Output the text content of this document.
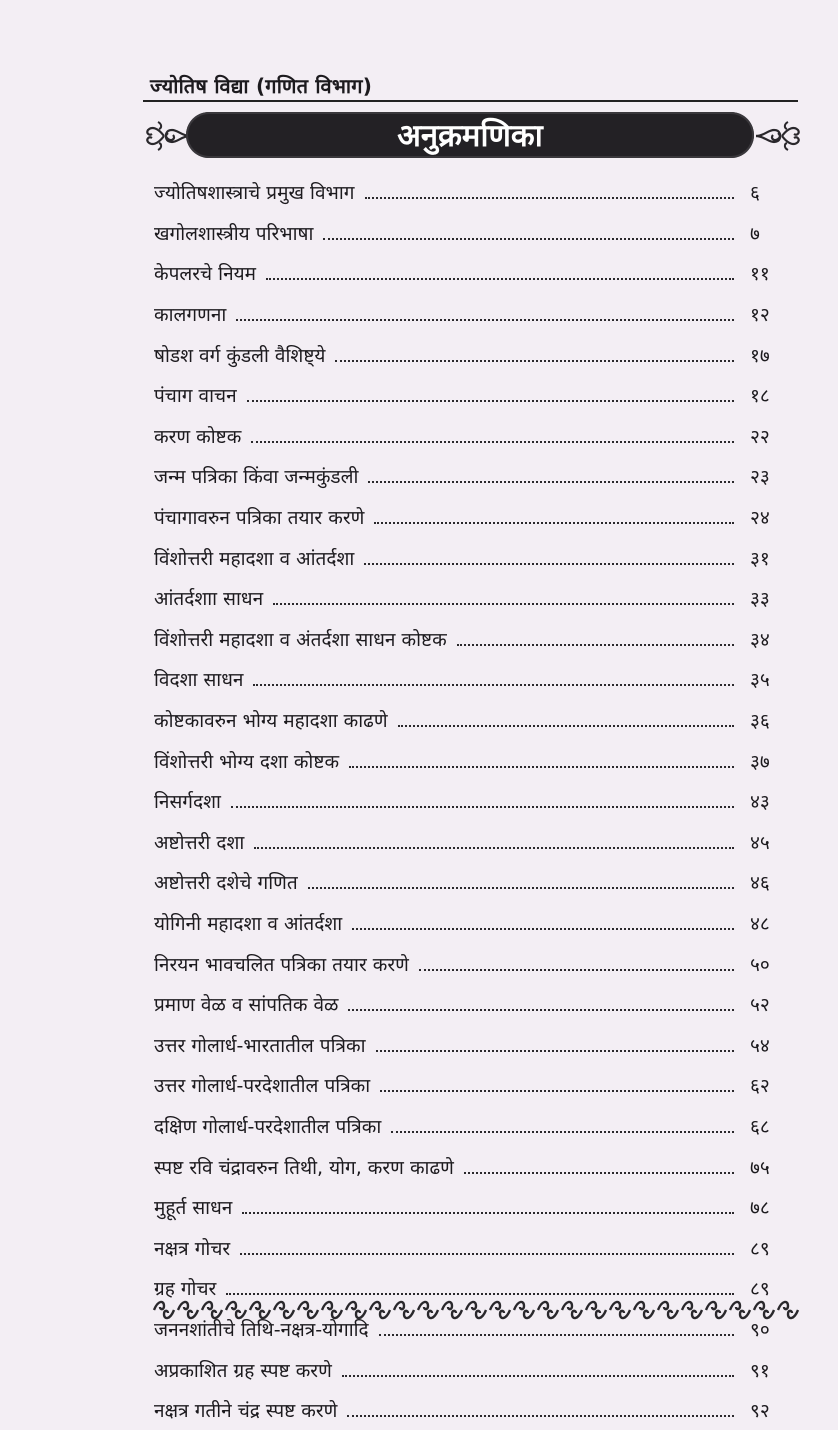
ज्योतिष विद्या (गणित विभाग)
अनुक्रमणिका
ज्योतिषशास्त्राचे प्रमुख विभाग	६
खगोलशास्त्रीय परिभाषा	७
केपलरचे नियम	११
कालगणना	१२
षोडश वर्ग कुंडली वैशिष्ट्ये	१७
पंचाग वाचन	१८
करण कोष्टक	२२
जन्म पत्रिका किंवा जन्मकुंडली	२३
पंचागावरुन पत्रिका तयार करणे	२४
विंशोत्तरी महादशा व आंतर्दशा	३१
आंतर्दशाा साधन	३३
विंशोत्तरी महादशा व अंतर्दशा साधन कोष्टक	३४
विदशा साधन	३५
कोष्टकावरुन भोग्य महादशा काढणे	३६
विंशोत्तरी भोग्य दशा कोष्टक	३७
निसर्गदशा	४३
अष्टोत्तरी दशा	४५
अष्टोत्तरी दशेचे गणित	४६
योगिनी महादशा व आंतर्दशा	४८
निरयन भावचलित पत्रिका तयार करणे	५०
प्रमाण वेळ व सांपतिक वेळ	५२
उत्तर गोलार्ध-भारतातील पत्रिका	५४
उत्तर गोलार्ध-परदेशातील पत्रिका	६२
दक्षिण गोलार्ध-परदेशातील पत्रिका	६८
स्पष्ट रवि चंद्रावरुन तिथी, योग, करण काढणे	७५
मुहूर्त साधन	७८
नक्षत्र गोचर	८९
ग्रह गोचर	८९
जननशांतीचे तिथि-नक्षत्र-योगादि	९०
अप्रकाशित ग्रह स्पष्ट करणे	९१
नक्षत्र गतीने चंद्र स्पष्ट करणे	९२
